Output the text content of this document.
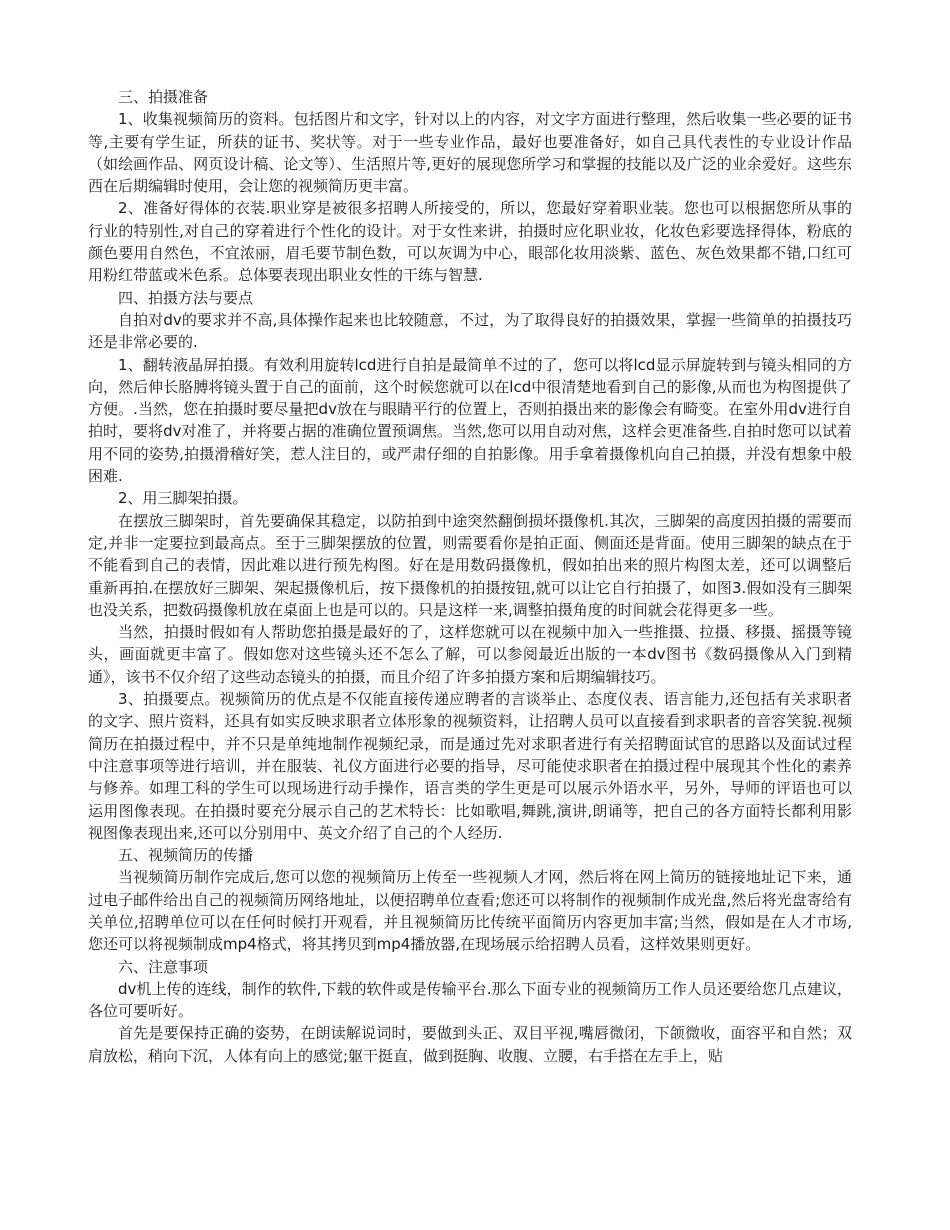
三、拍摄准备

1、收集视频简历的资料。包括图片和文字，针对以上的内容，对文字方面进行整理，然后收集一些必要的证书等,主要有学生证，所获的证书、奖状等。对于一些专业作品，最好也要准备好，如自己具代表性的专业设计作品（如绘画作品、网页设计稿、论文等）、生活照片等,更好的展现您所学习和掌握的技能以及广泛的业余爱好。这些东西在后期编辑时使用，会让您的视频简历更丰富。

2、准备好得体的衣装.职业穿是被很多招聘人所接受的，所以，您最好穿着职业装。您也可以根据您所从事的行业的特别性,对自己的穿着进行个性化的设计。对于女性来讲，拍摄时应化职业妆，化妆色彩要选择得体，粉底的颜色要用自然色，不宜浓丽，眉毛要节制色数，可以灰调为中心，眼部化妆用淡紫、蓝色、灰色效果都不错,口红可用粉红带蓝或米色系。总体要表现出职业女性的干练与智慧.

四、拍摄方法与要点

自拍对dv的要求并不高,具体操作起来也比较随意，不过，为了取得良好的拍摄效果，掌握一些简单的拍摄技巧还是非常必要的.

1、翻转液晶屏拍摄。有效利用旋转lcd进行自拍是最简单不过的了，您可以将lcd显示屏旋转到与镜头相同的方向，然后伸长胳膊将镜头置于自己的面前，这个时候您就可以在lcd中很清楚地看到自己的影像,从而也为构图提供了方便。.当然，您在拍摄时要尽量把dv放在与眼睛平行的位置上，否则拍摄出来的影像会有畸变。在室外用dv进行自拍时，要将dv对准了，并将要占据的准确位置预调焦。当然,您可以用自动对焦，这样会更准备些.自拍时您可以试着用不同的姿势,拍摄滑稽好笑，惹人注目的，或严肃仔细的自拍影像。用手拿着摄像机向自己拍摄，并没有想象中般困难.

2、用三脚架拍摄。

在摆放三脚架时，首先要确保其稳定，以防拍到中途突然翻倒损坏摄像机.其次，三脚架的高度因拍摄的需要而定,并非一定要拉到最高点。至于三脚架摆放的位置，则需要看你是拍正面、侧面还是背面。使用三脚架的缺点在于不能看到自己的表情，因此难以进行预先构图。好在是用数码摄像机，假如拍出来的照片构图太差，还可以调整后重新再拍.在摆放好三脚架、架起摄像机后，按下摄像机的拍摄按钮,就可以让它自行拍摄了，如图3.假如没有三脚架也没关系，把数码摄像机放在桌面上也是可以的。只是这样一来,调整拍摄角度的时间就会花得更多一些。

当然，拍摄时假如有人帮助您拍摄是最好的了，这样您就可以在视频中加入一些推摄、拉摄、移摄、摇摄等镜头，画面就更丰富了。假如您对这些镜头还不怎么了解，可以参阅最近出版的一本dv图书《数码摄像从入门到精通》，该书不仅介绍了这些动态镜头的拍摄，而且介绍了许多拍摄方案和后期编辑技巧。

3、拍摄要点。视频简历的优点是不仅能直接传递应聘者的言谈举止、态度仪表、语言能力,还包括有关求职者的文字、照片资料，还具有如实反映求职者立体形象的视频资料，让招聘人员可以直接看到求职者的音容笑貌.视频简历在拍摄过程中，并不只是单纯地制作视频纪录，而是通过先对求职者进行有关招聘面试官的思路以及面试过程中注意事项等进行培训，并在服装、礼仪方面进行必要的指导，尽可能使求职者在拍摄过程中展现其个性化的素养与修养。如理工科的学生可以现场进行动手操作，语言类的学生更是可以展示外语水平，另外，导师的评语也可以运用图像表现。在拍摄时要充分展示自己的艺术特长：比如歌唱,舞跳,演讲,朗诵等，把自己的各方面特长都利用影视图像表现出来,还可以分别用中、英文介绍了自己的个人经历.

五、视频简历的传播

当视频简历制作完成后,您可以您的视频简历上传至一些视频人才网，然后将在网上简历的链接地址记下来，通过电子邮件给出自己的视频简历网络地址，以便招聘单位查看;您还可以将制作的视频制作成光盘,然后将光盘寄给有关单位,招聘单位可以在任何时候打开观看，并且视频简历比传统平面简历内容更加丰富;当然，假如是在人才市场,您还可以将视频制成mp4格式，将其拷贝到mp4播放器,在现场展示给招聘人员看，这样效果则更好。

六、注意事项

dv机上传的连线，制作的软件,下载的软件或是传输平台.那么下面专业的视频简历工作人员还要给您几点建议，各位可要听好。

首先是要保持正确的姿势，在朗读解说词时，要做到头正、双目平视,嘴唇微闭，下颌微收，面容平和自然；双肩放松，稍向下沉，人体有向上的感觉;躯干挺直，做到挺胸、收腹、立腰，右手搭在左手上，贴
